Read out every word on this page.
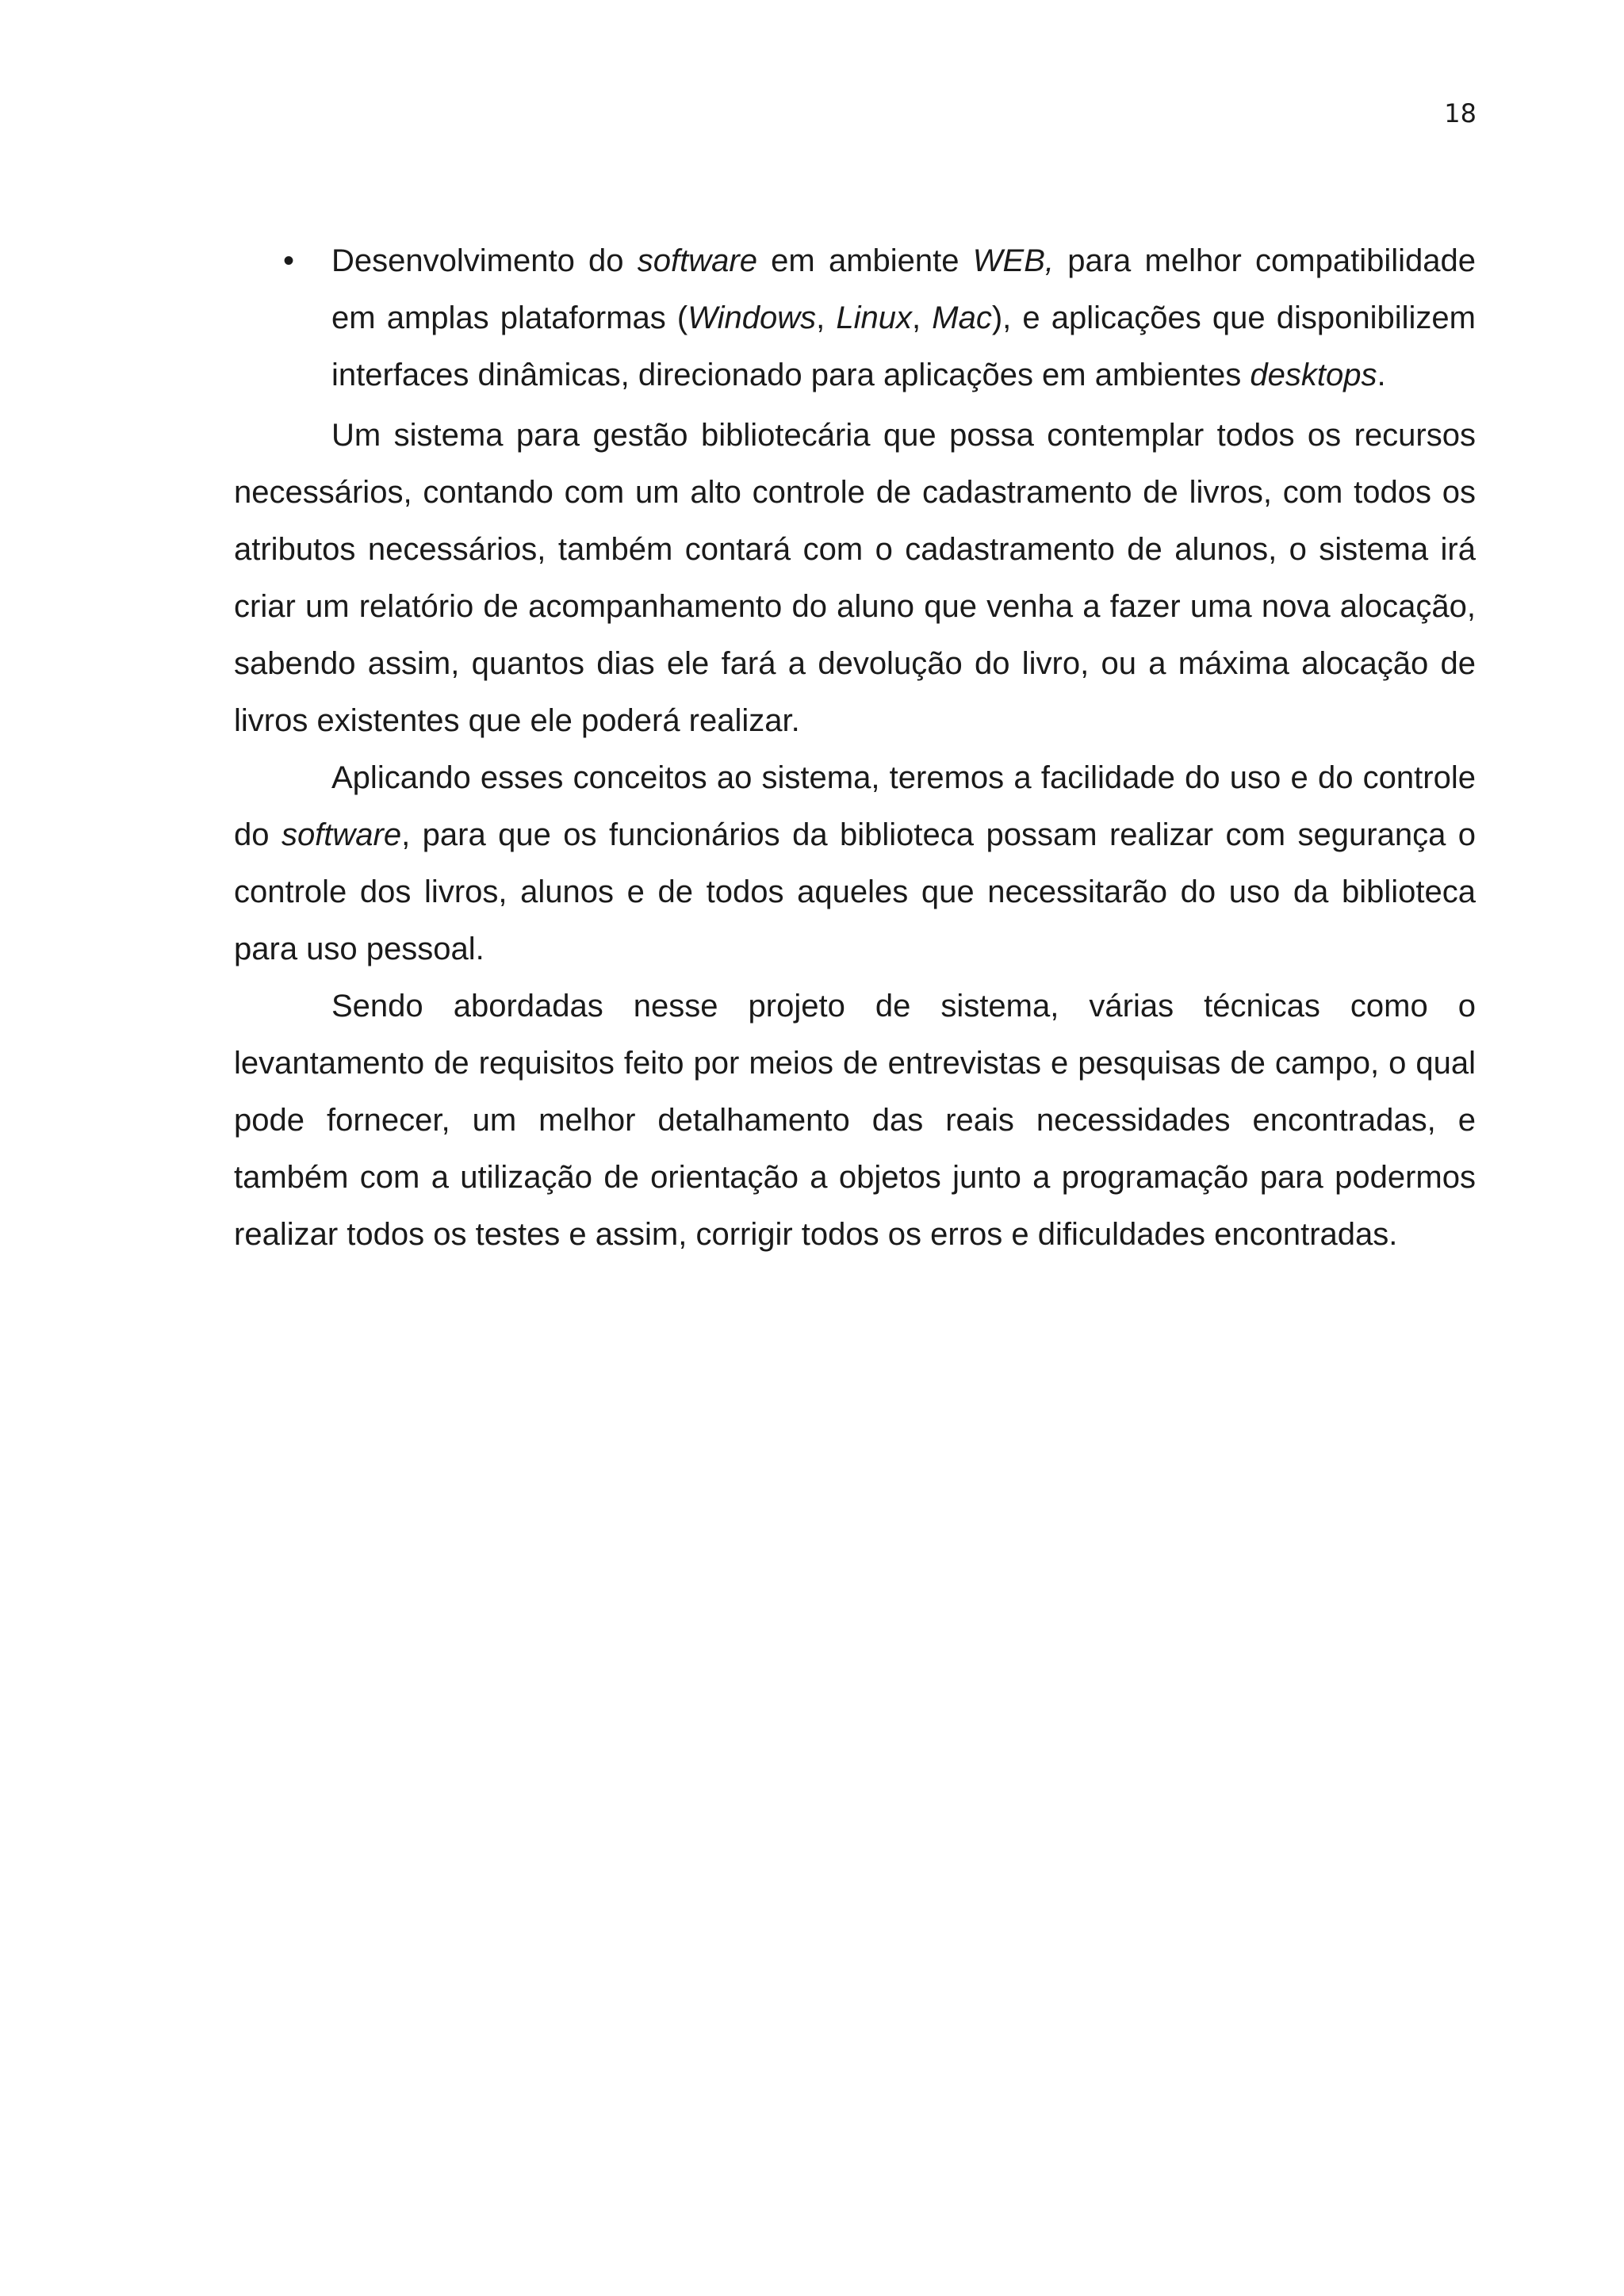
18
• Desenvolvimento do software em ambiente WEB, para melhor compatibilidade em amplas plataformas (Windows, Linux, Mac), e aplicações que disponibilizem interfaces dinâmicas, direcionado para aplicações em ambientes desktops.

Um sistema para gestão bibliotecária que possa contemplar todos os recursos necessários, contando com um alto controle de cadastramento de livros, com todos os atributos necessários, também contará com o cadastramento de alunos, o sistema irá criar um relatório de acompanhamento do aluno que venha a fazer uma nova alocação, sabendo assim, quantos dias ele fará a devolução do livro, ou a máxima alocação de livros existentes que ele poderá realizar.

Aplicando esses conceitos ao sistema, teremos a facilidade do uso e do controle do software, para que os funcionários da biblioteca possam realizar com segurança o controle dos livros, alunos e de todos aqueles que necessitarão do uso da biblioteca para uso pessoal.

Sendo abordadas nesse projeto de sistema, várias técnicas como o levantamento de requisitos feito por meios de entrevistas e pesquisas de campo, o qual pode fornecer, um melhor detalhamento das reais necessidades encontradas, e também com a utilização de orientação a objetos junto a programação para podermos realizar todos os testes e assim, corrigir todos os erros e dificuldades encontradas.
